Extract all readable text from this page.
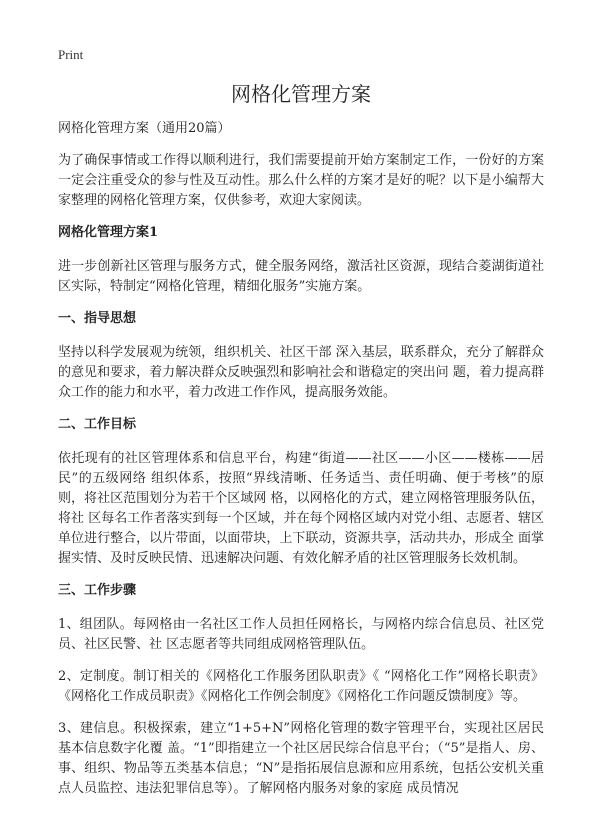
Print
网格化管理方案
网格化管理方案（通用20篇）

为了确保事情或工作得以顺利进行，我们需要提前开始方案制定工作，一份好的方案一定会注重受众的参与性及互动性。那么什么样的方案才是好的呢？以下是小编帮大家整理的网格化管理方案，仅供参考，欢迎大家阅读。

网格化管理方案1

进一步创新社区管理与服务方式，健全服务网络，激活社区资源，现结合菱湖街道社区实际，特制定“网格化管理，精细化服务”实施方案。

一、指导思想

坚持以科学发展观为统领，组织机关、社区干部 深入基层，联系群众，充分了解群众的意见和要求，着力解决群众反映强烈和影响社会和谐稳定的突出问 题，着力提高群众工作的能力和水平，着力改进工作作风，提高服务效能。

二、工作目标

依托现有的社区管理体系和信息平台，构建“街道——社区——小区——楼栋——居民”的五级网络 组织体系，按照“界线清晰、任务适当、责任明确、便于考核”的原则，将社区范围划分为若干个区域网 格，以网格化的方式，建立网格管理服务队伍，将社 区每名工作者落实到每一个区域，并在每个网格区域内对党小组、志愿者、辖区单位进行整合，以片带面，以面带块，上下联动，资源共享，活动共办，形成全 面掌握实情、及时反映民情、迅速解决问题、有效化解矛盾的社区管理服务长效机制。

三、工作步骤

1、组团队。每网格由一名社区工作人员担任网格长，与网格内综合信息员、社区党员、社区民警、社 区志愿者等共同组成网格管理队伍。

2、定制度。制订相关的《网格化工作服务团队职责》《 “网格化工作”网格长职责》《网格化工作成员职责》《网格化工作例会制度》《网格化工作问题反馈制度》等。

3、建信息。积极探索，建立“1+5+N”网格化管理的数字管理平台，实现社区居民基本信息数字化覆 盖。“1”即指建立一个社区居民综合信息平台；（“5”是指人、房、事、组织、物品等五类基本信息；“N”是指拓展信息源和应用系统，包括公安机关重点人员监控、违法犯罪信息等）。了解网格内服务对象的家庭 成员情况
